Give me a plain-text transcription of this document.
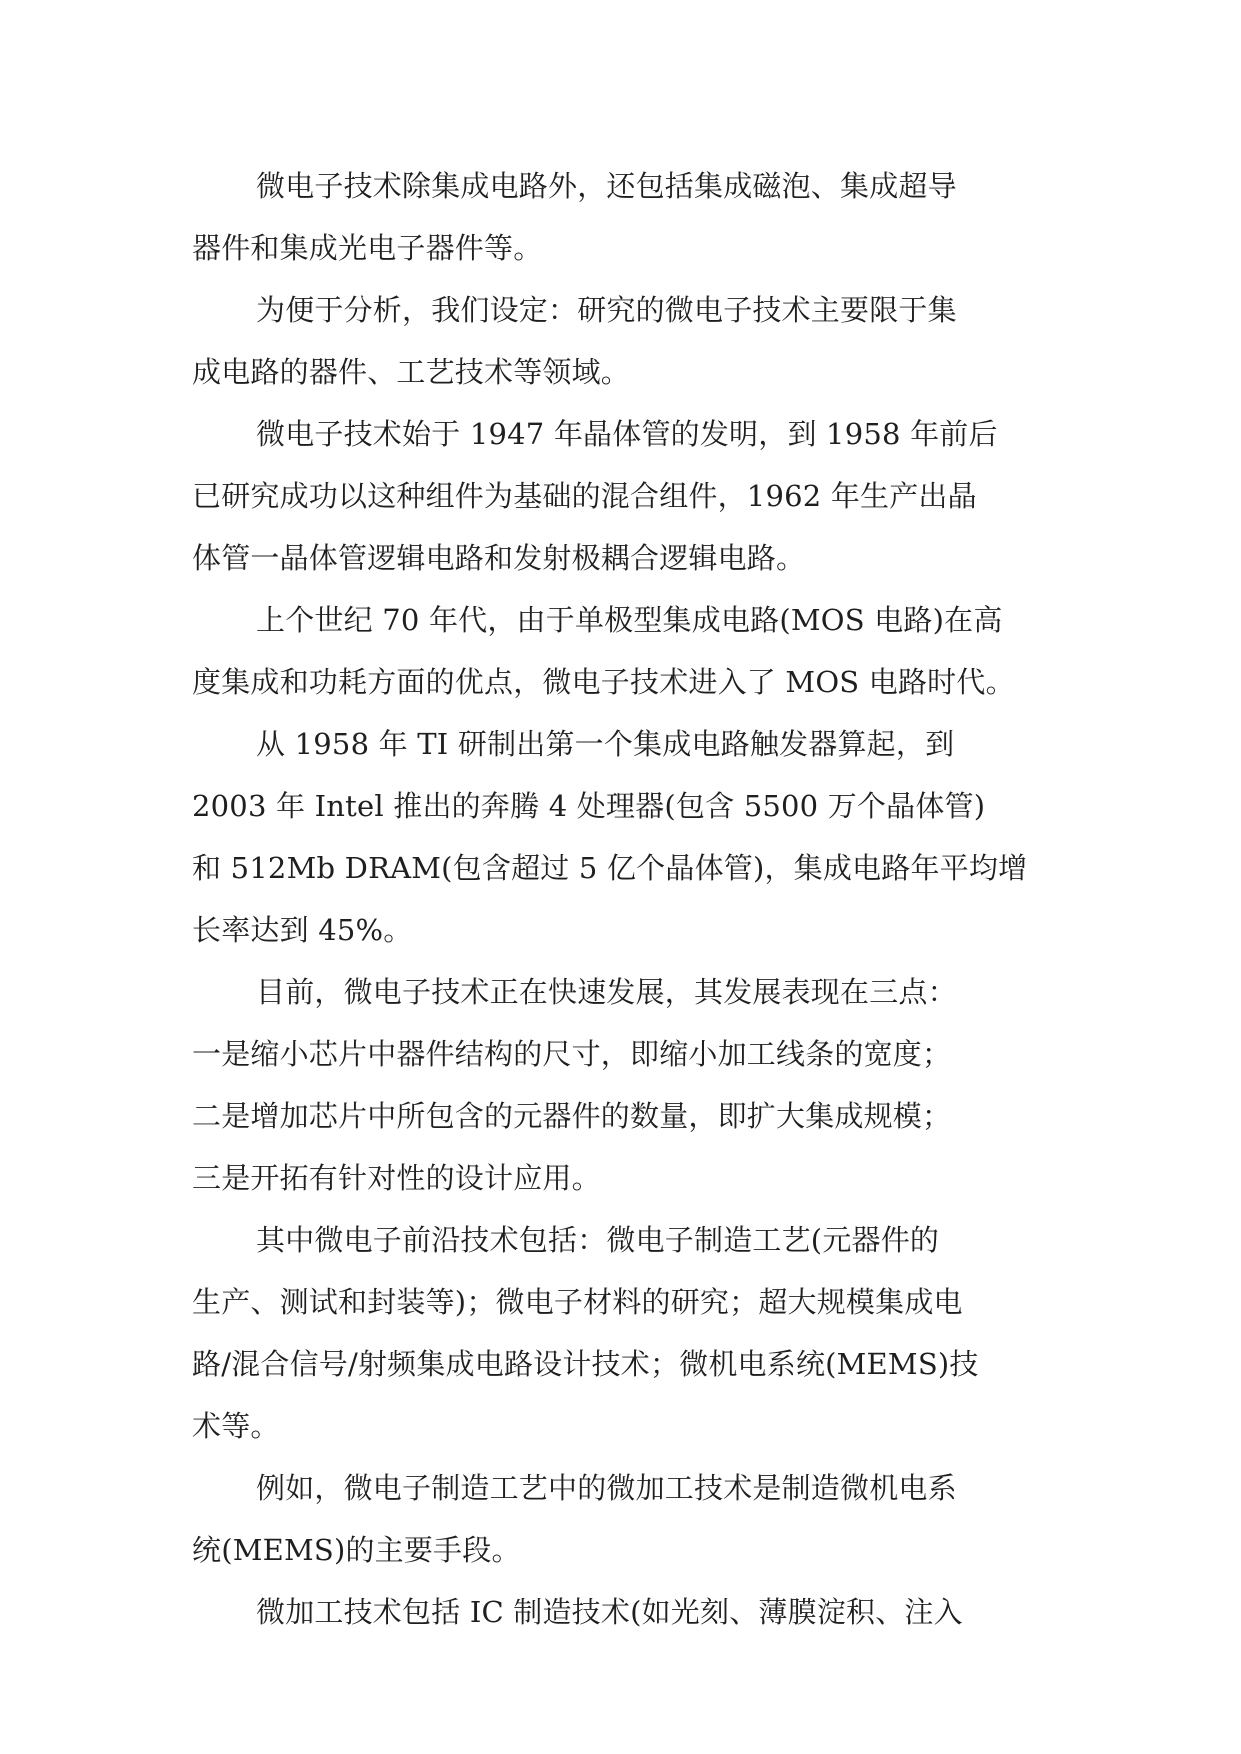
微电子技术除集成电路外，还包括集成磁泡、集成超导
器件和集成光电子器件等。
为便于分析，我们设定：研究的微电子技术主要限于集
成电路的器件、工艺技术等领域。
微电子技术始于 1947 年晶体管的发明，到 1958 年前后
已研究成功以这种组件为基础的混合组件，1962 年生产出晶
体管一晶体管逻辑电路和发射极耦合逻辑电路。
上个世纪 70 年代，由于单极型集成电路(MOS 电路)在高
度集成和功耗方面的优点，微电子技术进入了 MOS 电路时代。
从 1958 年 TI 研制出第一个集成电路触发器算起，到
2003 年 Intel 推出的奔腾 4 处理器(包含 5500 万个晶体管)
和 512Mb DRAM(包含超过 5 亿个晶体管)，集成电路年平均增
长率达到 45%。
目前，微电子技术正在快速发展，其发展表现在三点：
一是缩小芯片中器件结构的尺寸，即缩小加工线条的宽度；
二是增加芯片中所包含的元器件的数量，即扩大集成规模；
三是开拓有针对性的设计应用。
其中微电子前沿技术包括：微电子制造工艺(元器件的
生产、测试和封装等)；微电子材料的研究；超大规模集成电
路/混合信号/射频集成电路设计技术；微机电系统(MEMS)技
术等。
例如，微电子制造工艺中的微加工技术是制造微机电系
统(MEMS)的主要手段。
微加工技术包括 IC 制造技术(如光刻、薄膜淀积、注入
